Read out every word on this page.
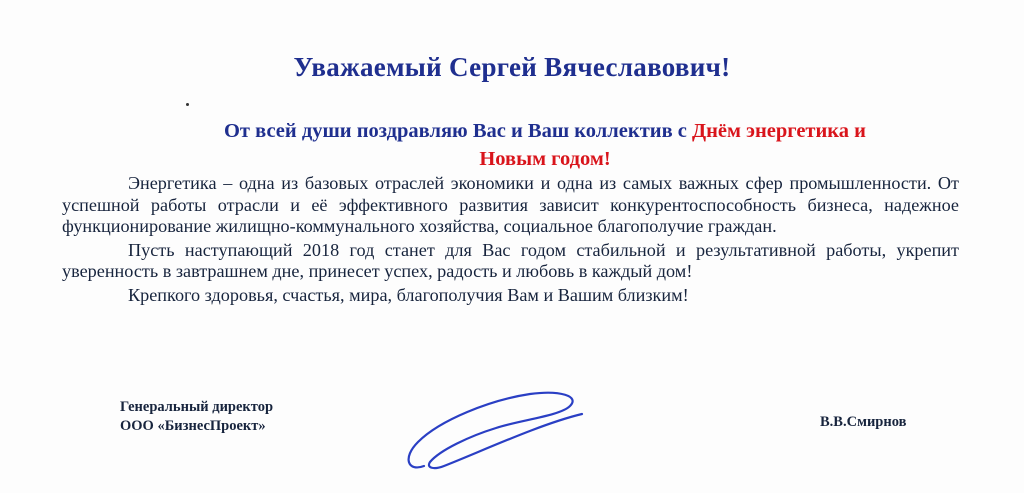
Уважаемый Сергей Вячеславович!
От всей души поздравляю Вас и Ваш коллектив с Днём энергетика и
Новым годом!

Энергетика – одна из базовых отраслей экономики и одна из самых важных сфер промышленности. От успешной работы отрасли и её эффективного развития зависит конкурентоспособность бизнеса, надежное функционирование жилищно-коммунального хозяйства, социальное благополучие граждан.

Пусть наступающий 2018 год станет для Вас годом стабильной и результативной работы, укрепит уверенность в завтрашнем дне, принесет успех, радость и любовь в каждый дом!

Крепкого здоровья, счастья, мира, благополучия Вам и Вашим близким!

Генеральный директор
ООО «БизнесПроект»	В.В.Смирнов
